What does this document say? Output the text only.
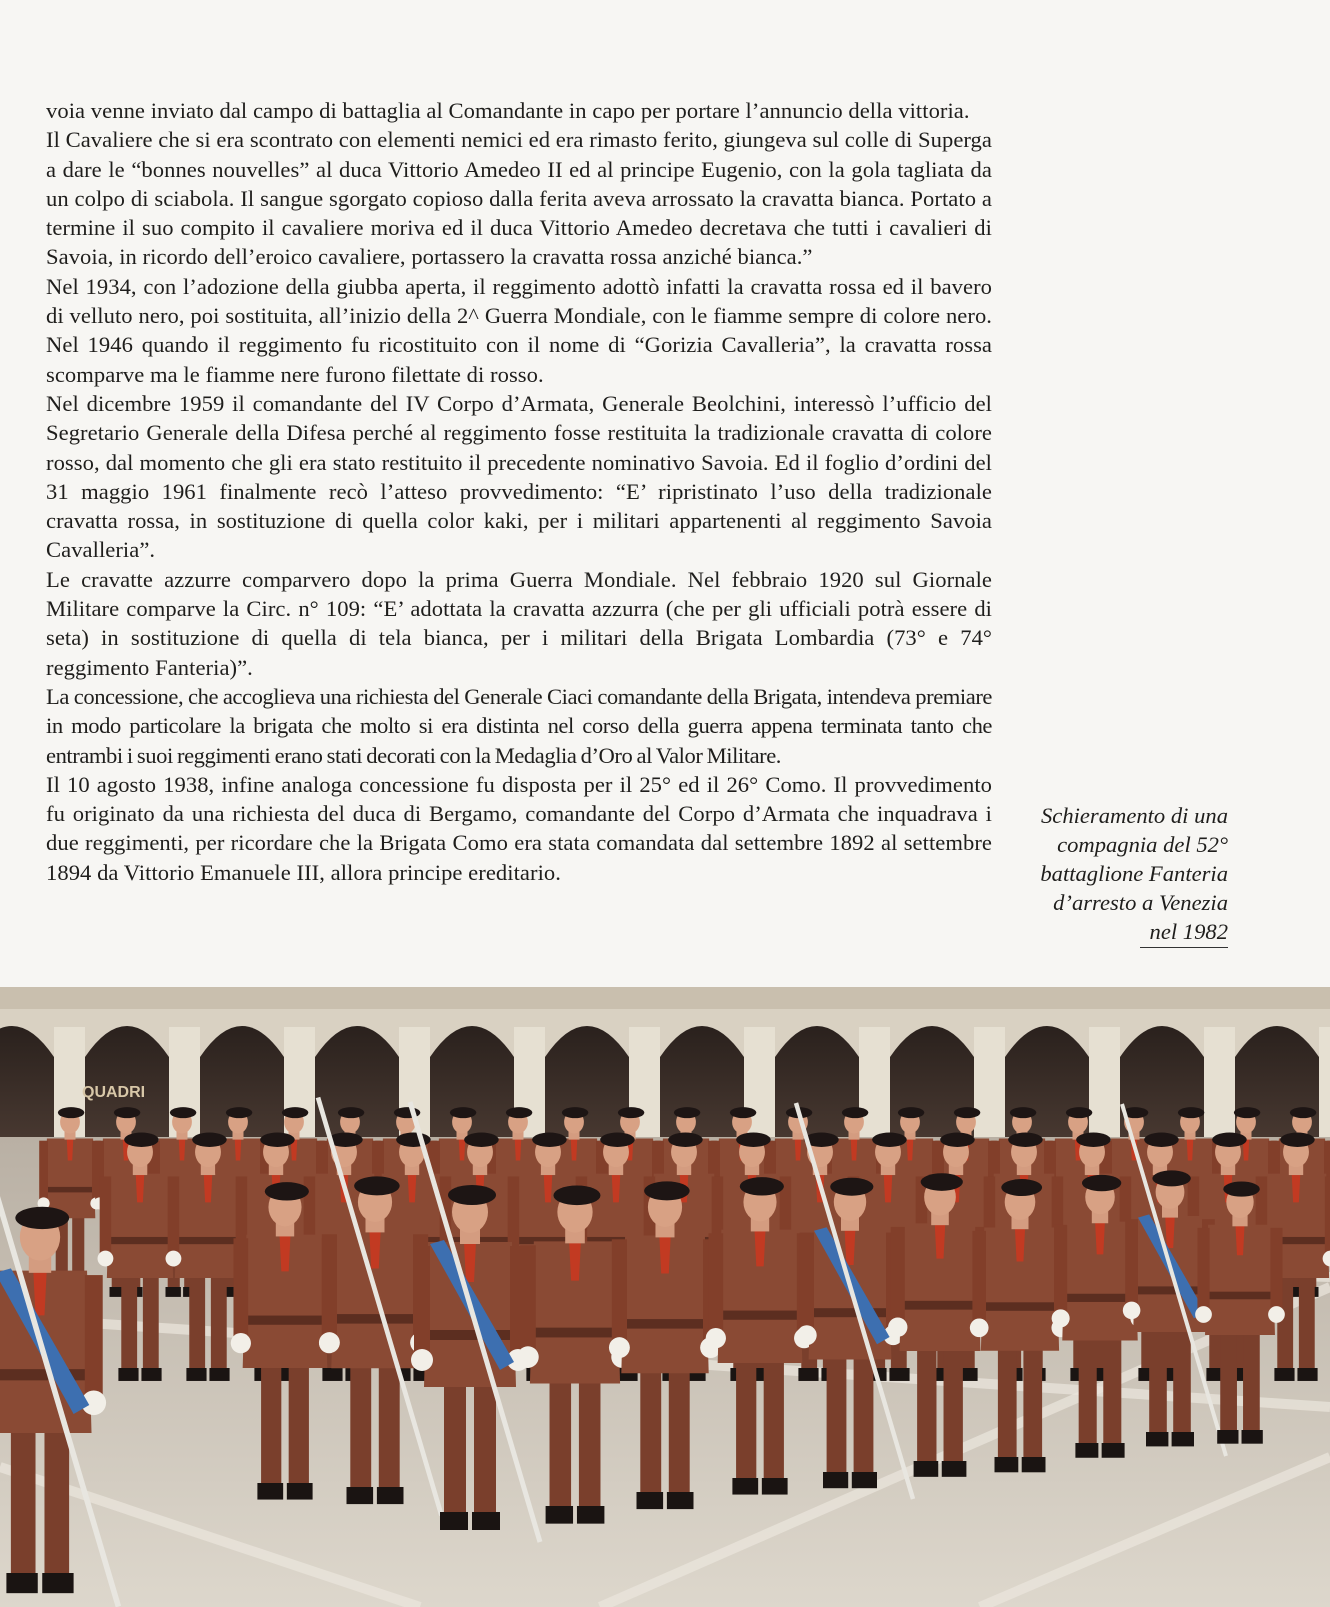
voia venne inviato dal campo di battaglia al Comandante in capo per portare l’annuncio della vittoria.

Il Cavaliere che si era scontrato con elementi nemici ed era rimasto ferito, giungeva sul colle di Superga a dare le “bonnes nouvelles” al duca Vittorio Amedeo II ed al principe Eugenio, con la gola tagliata da un colpo di sciabola. Il sangue sgorgato copioso dalla ferita aveva arrossato la cravatta bianca. Portato a termine il suo compito il cavaliere moriva ed il duca Vittorio Amedeo decretava che tutti i cavalieri di Savoia, in ricordo dell’eroico cavaliere, portassero la cravatta rossa anziché bianca.”

Nel 1934, con l’adozione della giubba aperta, il reggimento adottò infatti la cravatta rossa ed il bavero di velluto nero, poi sostituita, all’inizio della 2^ Guerra Mondiale, con le fiamme sempre di colore nero. Nel 1946 quando il reggimento fu ricostituito con il nome di “Gorizia Cavalleria”, la cravatta rossa scomparve ma le fiamme nere furono filettate di rosso.

Nel dicembre 1959 il comandante del IV Corpo d’Armata, Generale Beolchini, interessò l’ufficio del Segretario Generale della Difesa perché al reggimento fosse restituita la tradizionale cravatta di colore rosso, dal momento che gli era stato restituito il precedente nominativo Savoia. Ed il foglio d’ordini del 31 maggio 1961 finalmente recò l’atteso provvedimento: “E’ ripristinato l’uso della tradizionale cravatta rossa, in sostituzione di quella color kaki, per i militari appartenenti al reggimento Savoia Cavalleria”.

Le cravatte azzurre comparvero dopo la prima Guerra Mondiale. Nel febbraio 1920 sul Giornale Militare comparve la Circ. n° 109: “E’ adottata la cravatta azzurra (che per gli ufficiali potrà essere di seta) in sostituzione di quella di tela bianca, per i militari della Brigata Lombardia (73° e 74° reggimento Fanteria)”.

La concessione, che accoglieva una richiesta del Generale Ciaci comandante della Brigata, intendeva premiare in modo particolare la brigata che molto si era distinta nel corso della guerra appena terminata tanto che entrambi i suoi reggimenti erano stati decorati con la Medaglia d’Oro al Valor Militare.

Il 10 agosto 1938, infine analoga concessione fu disposta per il 25° ed il 26° Como. Il provvedimento fu originato da una richiesta del duca di Bergamo, comandante del Corpo d’Armata che inquadrava i due reggimenti, per ricordare che la Brigata Como era stata comandata dal settembre 1892 al settembre 1894 da Vittorio Emanuele III, allora principe ereditario.

Schieramento di una
compagnia del 52°
battaglione Fanteria
d’arresto a Venezia
nel 1982
QUADRI
